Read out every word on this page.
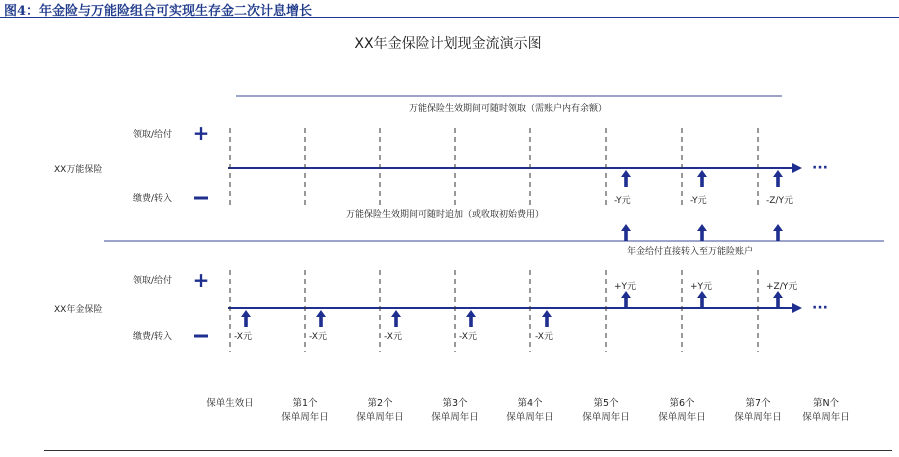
图4：年金险与万能险组合可实现生存金二次计息增长
XX年金保险计划现金流演示图
万能保险生效期间可随时领取（需账户内有余额）
领取/给付 +
XX万能保险
缴费/转入
···
万能保险生效期间可随时追加（或收取初始费用）
年金给付直接转入至万能险账户
领取/给付 +
XX年金保险
缴费/转入
···
-X元	-X元	-X元	-X元	-X元
+Y元	+Y元	+Z/Y元
-Y元	-Y元	-Z/Y元
保单生效日	第1个
保单周年日
第2个
保单周年日
第3个
保单周年日
第4个
保单周年日
第5个
保单周年日
第6个
保单周年日
第7个
保单周年日
第N个
保单周年日
